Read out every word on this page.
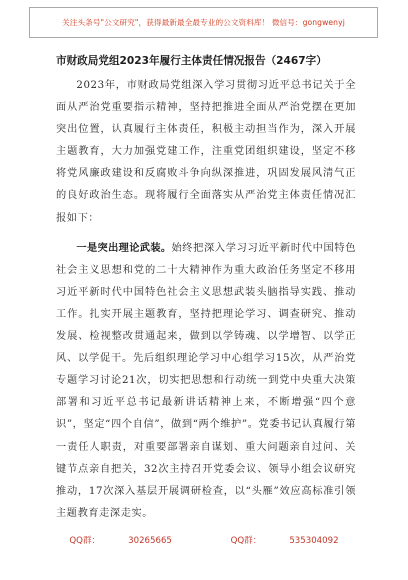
关注头条号"公文研究"，获得最新最全最专业的公文资料库！ 微信号：gongwenyj
市财政局党组2023年履行主体责任情况报告（2467字）

2023年，市财政局党组深入学习贯彻习近平总书记关于全面从严治党重要指示精神，坚持把推进全面从严治党摆在更加突出位置，认真履行主体责任，积极主动担当作为，深入开展主题教育，大力加强党建工作，注重党团组织建设，坚定不移将党风廉政建设和反腐败斗争向纵深推进，巩固发展风清气正的良好政治生态。现将履行全面落实从严治党主体责任情况汇报如下：

一是突出理论武装。始终把深入学习习近平新时代中国特色社会主义思想和党的二十大精神作为重大政治任务坚定不移用习近平新时代中国特色社会主义思想武装头脑指导实践、推动工作。扎实开展主题教育，坚持把理论学习、调查研究、推动发展、检视整改贯通起来，做到以学铸魂、以学增智、以学正风、以学促干。先后组织理论学习中心组学习15次，从严治党专题学习讨论21次，切实把思想和行动统一到党中央重大决策部署和习近平总书记最新讲话精神上来，不断增强“四个意识”，坚定“四个自信”，做到“两个维护”。党委书记认真履行第一责任人职责，对重要部署亲自谋划、重大问题亲自过问、关键节点亲自把关，32次主持召开党委会议、领导小组会议研究推动，17次深入基层开展调研检查，以“头雁”效应高标准引领主题教育走深走实。

QQ群：	30265665	QQ群：	535304092
